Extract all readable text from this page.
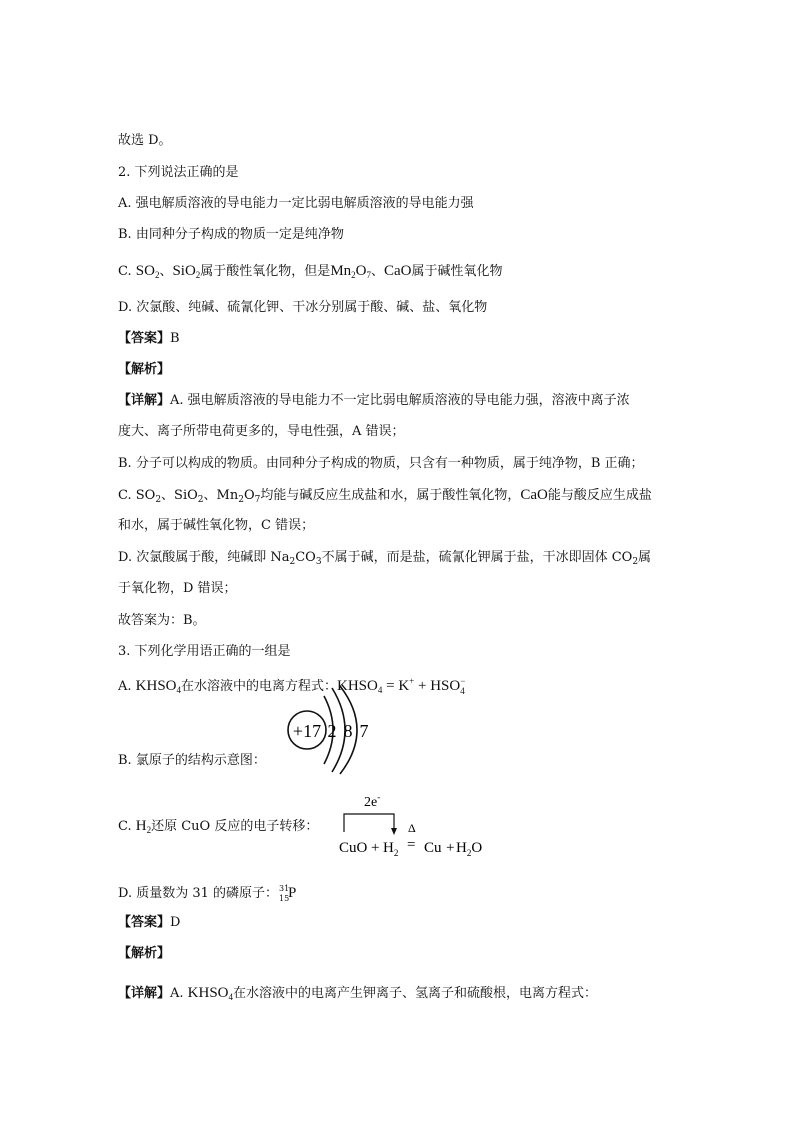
故选 D。
2. 下列说法正确的是
A. 强电解质溶液的导电能力一定比弱电解质溶液的导电能力强
B. 由同种分子构成的物质一定是纯净物
C. $SO_2$、SiO$_2$属于酸性氧化物，但是$Mn_2O_7$、CaO属于碱性氧化物
D. 次氯酸、纯碱、硫氰化钾、干冰分别属于酸、碱、盐、氧化物
【答案】B
【解析】
【详解】A. 强电解质溶液的导电能力不一定比弱电解质溶液的导电能力强，溶液中离子浓
度大、离子所带电荷更多的，导电性强，A 错误；
B. 分子可以构成的物质。由同种分子构成的物质，只含有一种物质，属于纯净物，B 正确；
C. $SO_2$、SiO$_2$、$Mn_2O_7$均能与碱反应生成盐和水，属于酸性氧化物，CaO能与酸反应生成盐
和水，属于碱性氧化物，C 错误；
D. 次氯酸属于酸，纯碱即 $Na_2CO_3$不属于碱，而是盐，硫氰化钾属于盐，干冰即固体 $CO_2$属
于氧化物，D 错误；
故答案为：B。
3. 下列化学用语正确的一组是
A. $KHSO_4$在水溶液中的电离方程式：$KHSO_4 = K^+$ + HSO −
4
B. 氯原子的结构示意图：
+17 2 8 7
C. $H_2$还原 CuO 反应的电子转移：
2e-
Δ
CuO + $H_2 = Cu + H_2O$
D. 质量数为 31 的磷原子： 31
15
P
【答案】D
【解析】
【详解】A. $KHSO_4$在水溶液中的电离产生钾离子、氢离子和硫酸根，电离方程式：
